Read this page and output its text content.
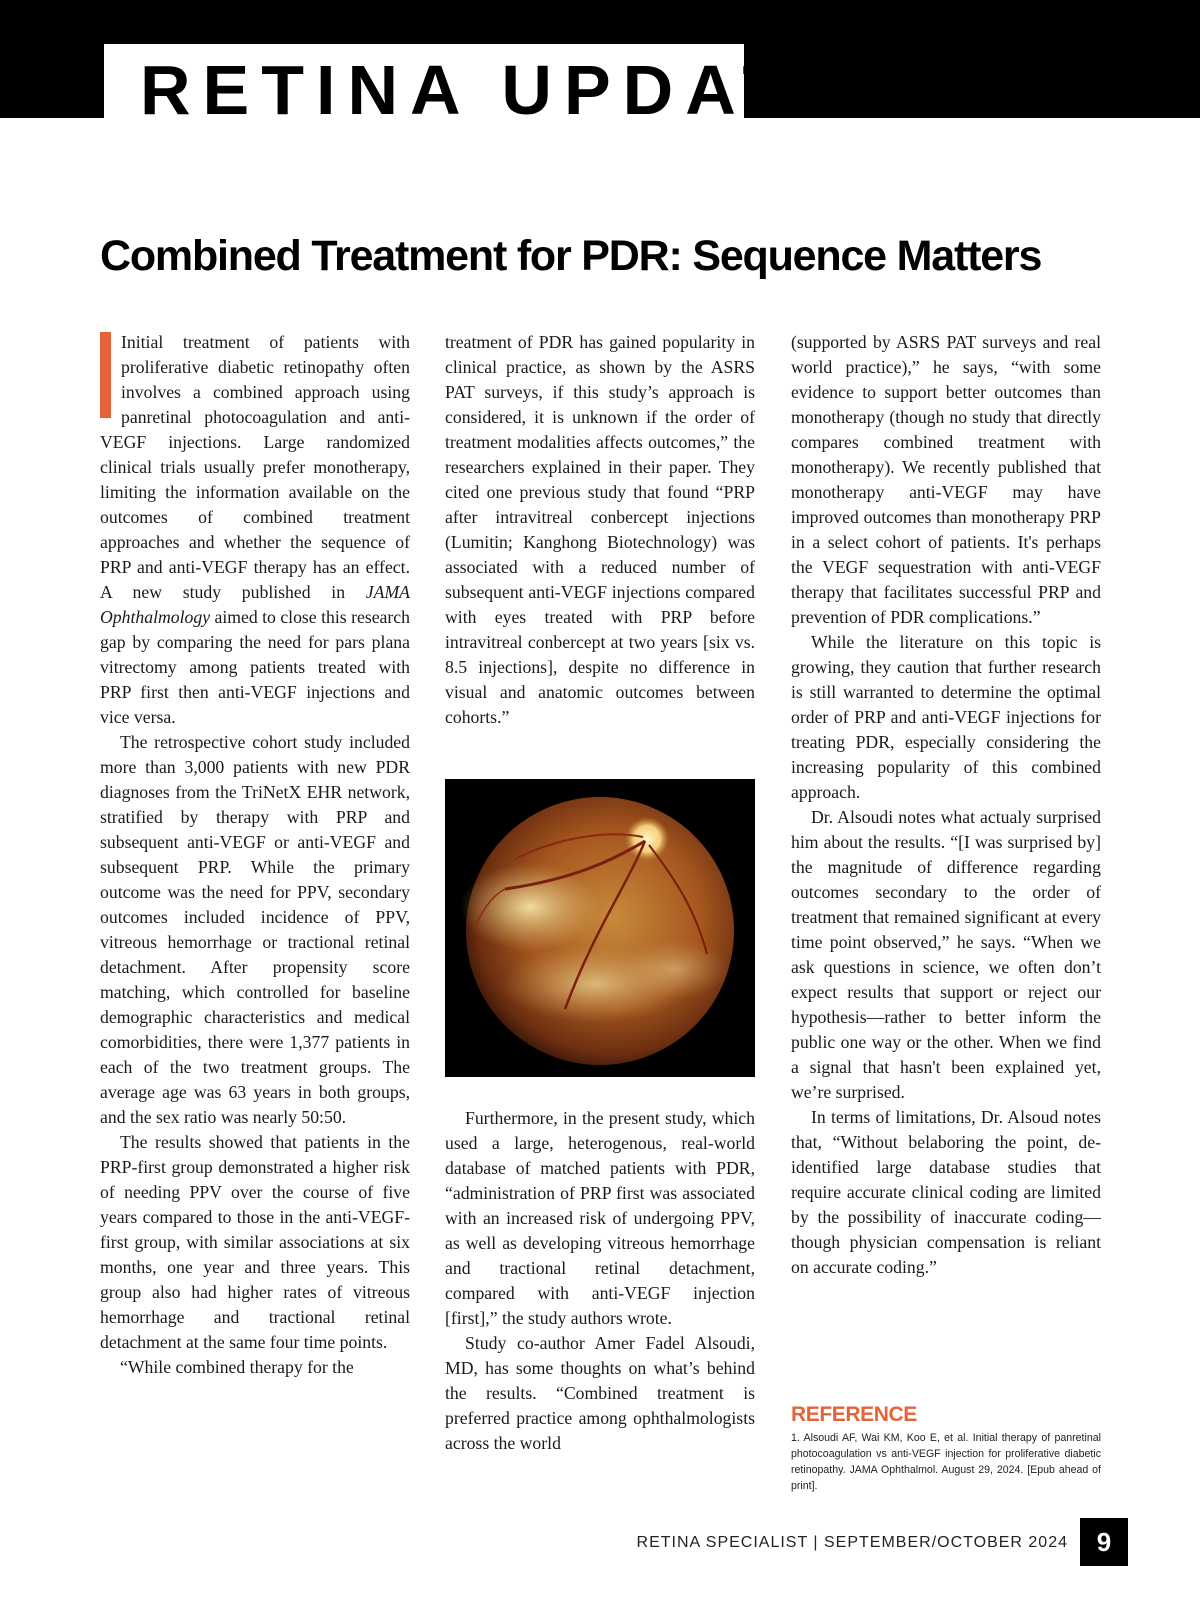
RETINA UPDATE
Combined Treatment for PDR: Sequence Matters

Initial treatment of patients with proliferative diabetic retinopathy often involves a combined approach using panretinal photocoagulation and anti-VEGF injections. Large randomized clinical trials usually prefer monotherapy, limiting the information available on the outcomes of combined treatment approaches and whether the sequence of PRP and anti-VEGF therapy has an effect. A new study published in JAMA Ophthalmology aimed to close this research gap by comparing the need for pars plana vitrectomy among patients treated with PRP first then anti-VEGF injections and vice versa.

The retrospective cohort study included more than 3,000 patients with new PDR diagnoses from the TriNetX EHR network, stratified by therapy with PRP and subsequent anti-VEGF or anti-VEGF and subsequent PRP. While the primary outcome was the need for PPV, secondary outcomes included incidence of PPV, vitreous hemorrhage or tractional retinal detachment. After propensity score matching, which controlled for baseline demographic characteristics and medical comorbidities, there were 1,377 patients in each of the two treatment groups. The average age was 63 years in both groups, and the sex ratio was nearly 50:50.

The results showed that patients in the PRP-first group demonstrated a higher risk of needing PPV over the course of five years compared to those in the anti-VEGF-first group, with similar associations at six months, one year and three years. This group also had higher rates of vitreous hemorrhage and tractional retinal detachment at the same four time points.

“While combined therapy for the

treatment of PDR has gained popularity in clinical practice, as shown by the ASRS PAT surveys, if this study’s approach is considered, it is unknown if the order of treatment modalities affects outcomes,” the researchers explained in their paper. They cited one previous study that found “PRP after intravitreal conbercept injections (Lumitin; Kanghong Biotechnology) was associated with a reduced number of subsequent anti-VEGF injections compared with eyes treated with PRP before intravitreal conbercept at two years [six vs. 8.5 injections], despite no difference in visual and anatomic outcomes between cohorts.”

Furthermore, in the present study, which used a large, heterogenous, real-world database of matched patients with PDR, “administration of PRP first was associated with an increased risk of undergoing PPV, as well as developing vitreous hemorrhage and tractional retinal detachment, compared with anti-VEGF injection [first],” the study authors wrote.

Study co-author Amer Fadel Alsoudi, MD, has some thoughts on what’s behind the results. “Combined treatment is preferred practice among ophthalmologists across the world

(supported by ASRS PAT surveys and real world practice),” he says, “with some evidence to support better outcomes than monotherapy (though no study that directly compares combined treatment with monotherapy). We recently published that monotherapy anti-VEGF may have improved outcomes than monotherapy PRP in a select cohort of patients. It's perhaps the VEGF sequestration with anti-VEGF therapy that facilitates successful PRP and prevention of PDR complications.”

While the literature on this topic is growing, they caution that further research is still warranted to determine the optimal order of PRP and anti-VEGF injections for treating PDR, especially considering the increasing popularity of this combined approach.

Dr. Alsoudi notes what actualy surprised him about the results. “[I was surprised by] the magnitude of difference regarding outcomes secondary to the order of treatment that remained significant at every time point observed,” he says. “When we ask questions in science, we often don’t expect results that support or reject our hypothesis—rather to better inform the public one way or the other. When we find a signal that hasn't been explained yet, we’re surprised.

In terms of limitations, Dr. Alsoud notes that, “Without belaboring the point, de-identified large database studies that require accurate clinical coding are limited by the possibility of inaccurate coding—though physician compensation is reliant on accurate coding.”

REFERENCE

1. Alsoudi AF, Wai KM, Koo E, et al. Initial therapy of panretinal photocoagulation vs anti-VEGF injection for proliferative diabetic retinopathy. JAMA Ophthalmol. August 29, 2024. [Epub ahead of print].

RETINA SPECIALIST | SEPTEMBER/OCTOBER 2024	9
